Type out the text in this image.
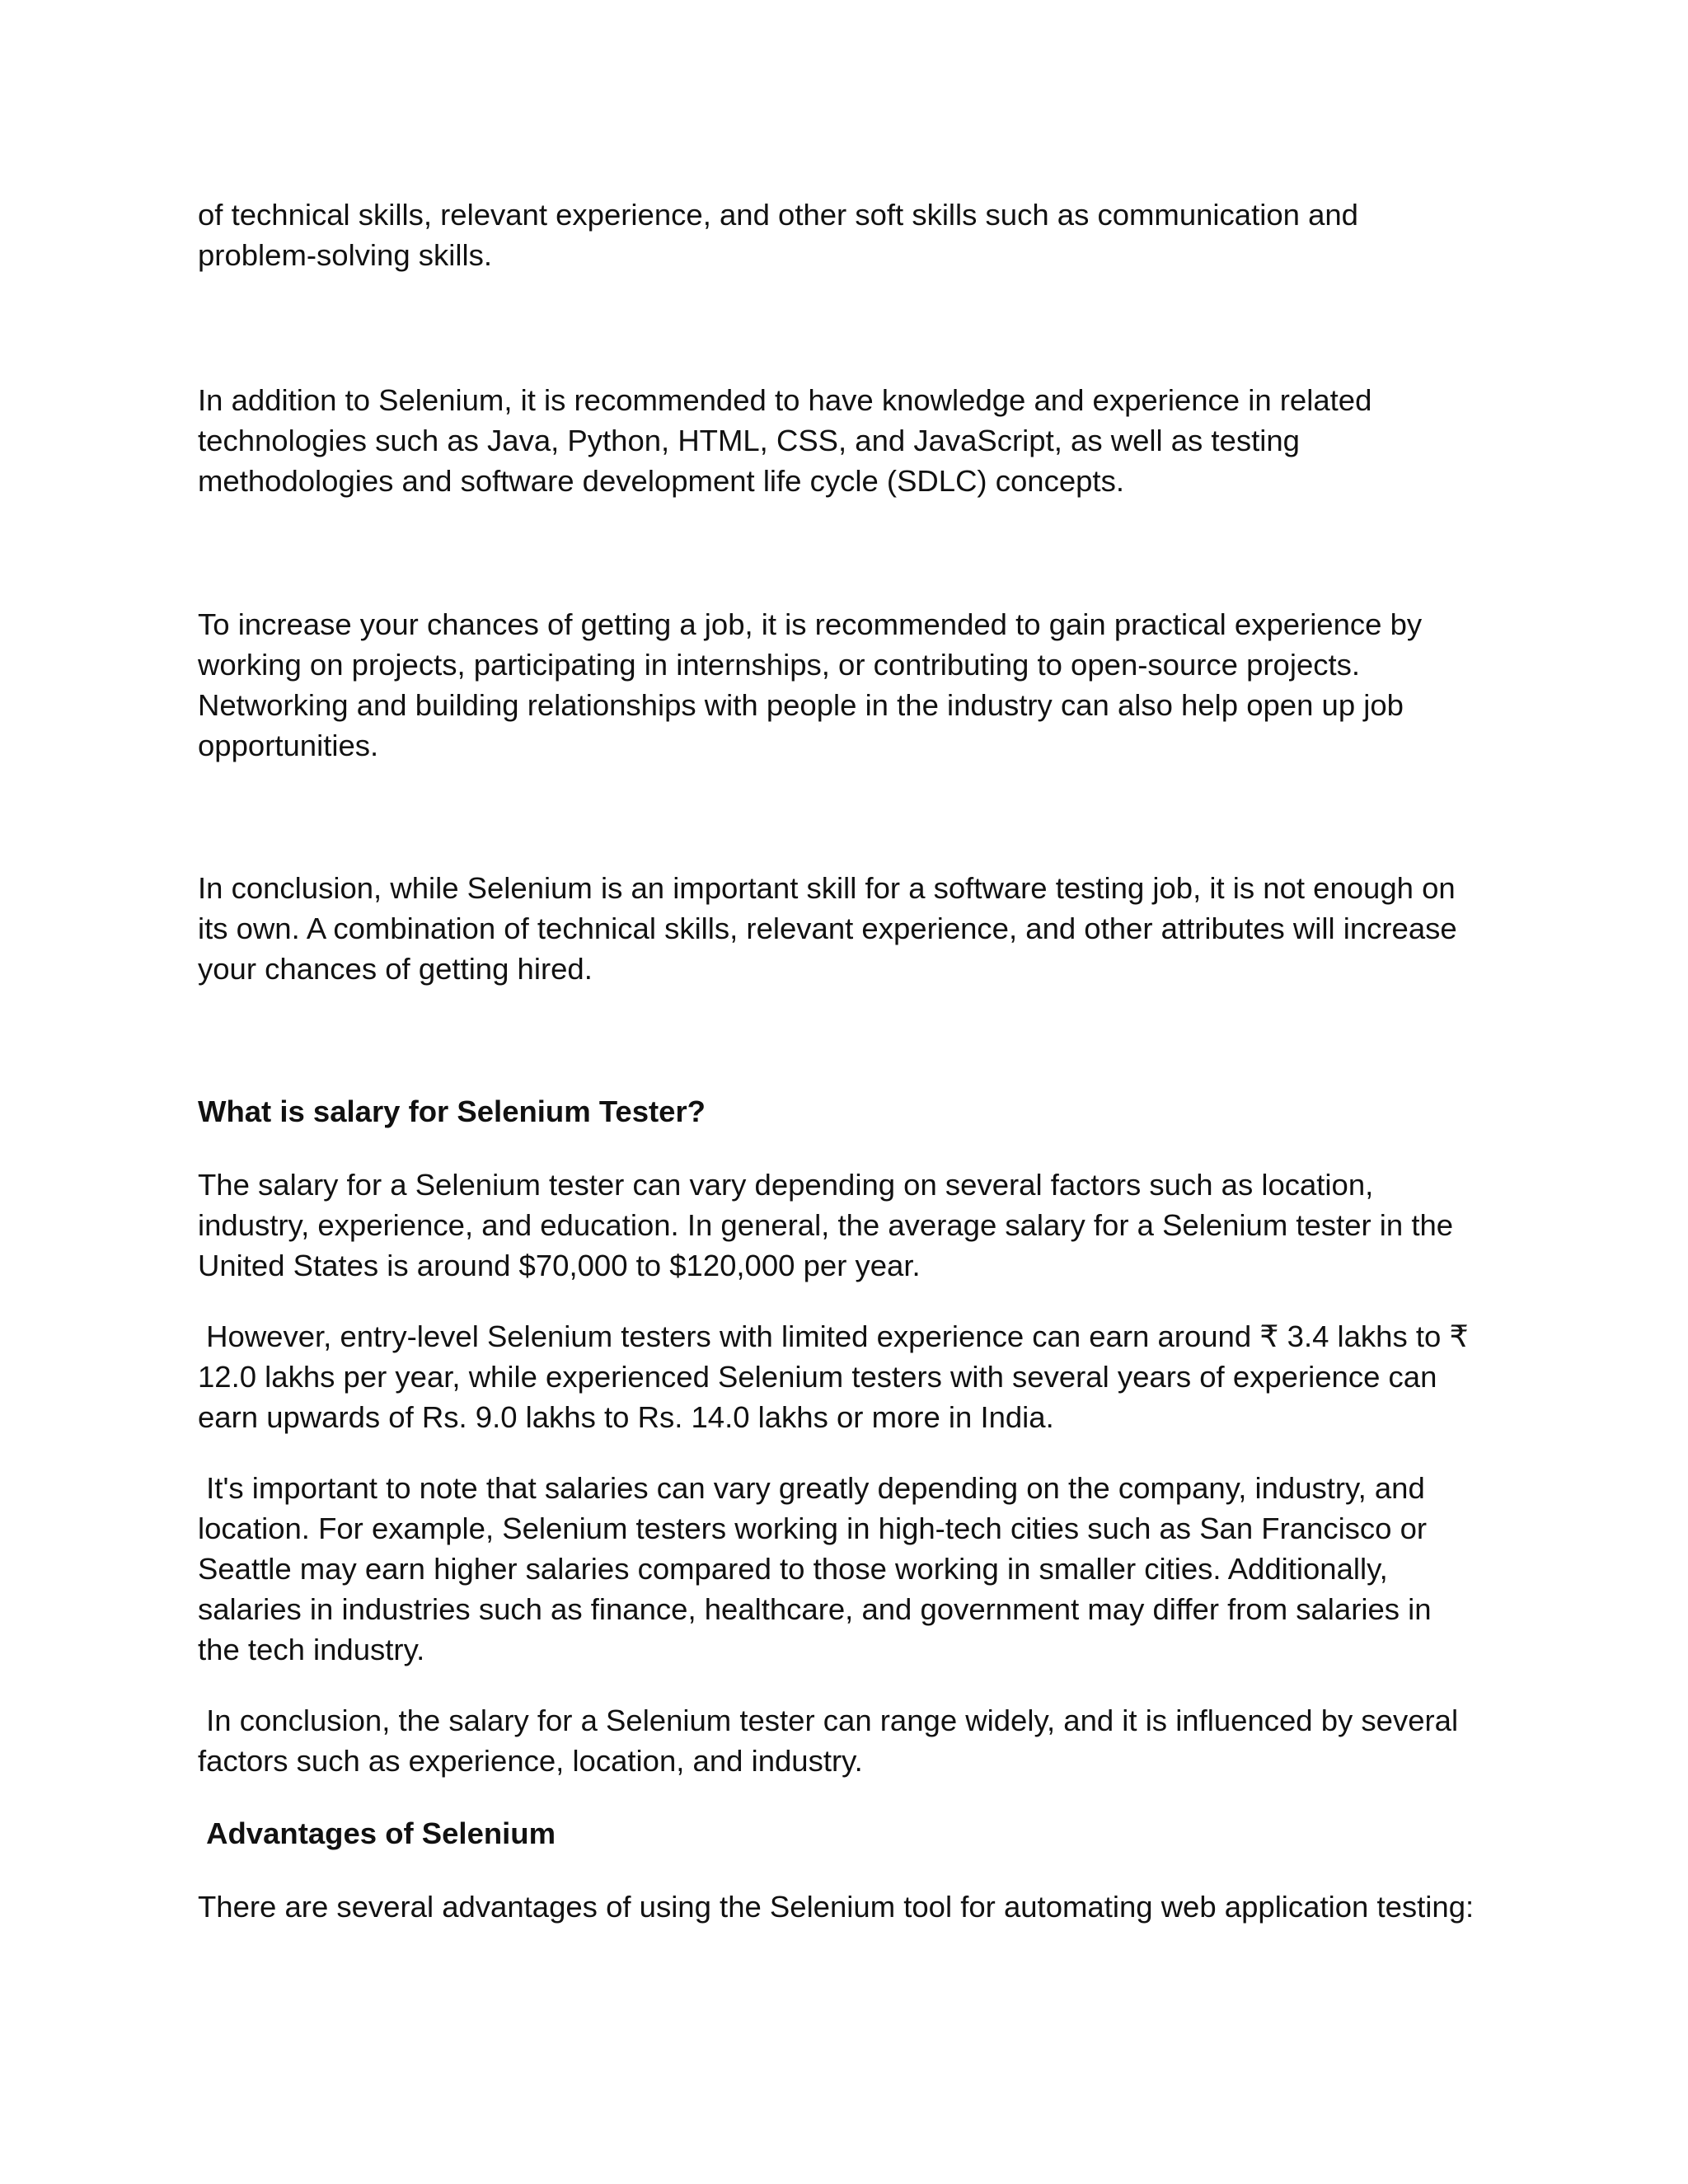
of technical skills, relevant experience, and other soft skills such as communication and
problem-solving skills.

In addition to Selenium, it is recommended to have knowledge and experience in related
technologies such as Java, Python, HTML, CSS, and JavaScript, as well as testing
methodologies and software development life cycle (SDLC) concepts.

To increase your chances of getting a job, it is recommended to gain practical experience by
working on projects, participating in internships, or contributing to open-source projects.
Networking and building relationships with people in the industry can also help open up job
opportunities.

In conclusion, while Selenium is an important skill for a software testing job, it is not enough on
its own. A combination of technical skills, relevant experience, and other attributes will increase
your chances of getting hired.

What is salary for Selenium Tester?

The salary for a Selenium tester can vary depending on several factors such as location,
industry, experience, and education. In general, the average salary for a Selenium tester in the
United States is around $70,000 to $120,000 per year.

However, entry-level Selenium testers with limited experience can earn around ₹ 3.4 lakhs to ₹
12.0 lakhs per year, while experienced Selenium testers with several years of experience can
earn upwards of Rs. 9.0 lakhs to Rs. 14.0 lakhs or more in India.

It's important to note that salaries can vary greatly depending on the company, industry, and
location. For example, Selenium testers working in high-tech cities such as San Francisco or
Seattle may earn higher salaries compared to those working in smaller cities. Additionally,
salaries in industries such as finance, healthcare, and government may differ from salaries in
the tech industry.

In conclusion, the salary for a Selenium tester can range widely, and it is influenced by several
factors such as experience, location, and industry.

Advantages of Selenium

There are several advantages of using the Selenium tool for automating web application testing:
